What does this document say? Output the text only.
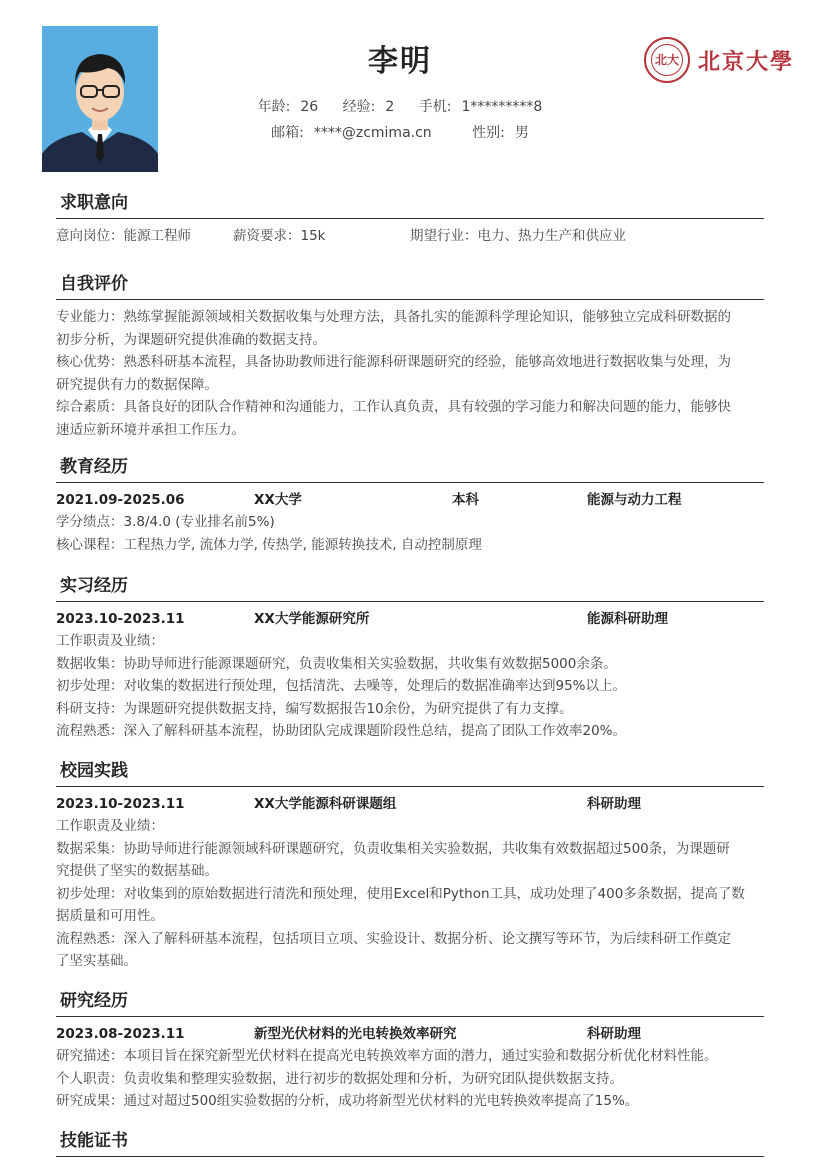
李明
年龄: 26 经验: 2 手机: 1*********8
邮箱: ****@zcmima.cn	性别: 男
北大 北京大學
求职意向
意向岗位：能源工程师	薪资要求：15k	期望行业：电力、热力生产和供应业
自我评价
专业能力：熟练掌握能源领域相关数据收集与处理方法，具备扎实的能源科学理论知识，能够独立完成科研数据的
初步分析，为课题研究提供准确的数据支持。
核心优势：熟悉科研基本流程，具备协助教师进行能源科研课题研究的经验，能够高效地进行数据收集与处理，为
研究提供有力的数据保障。
综合素质：具备良好的团队合作精神和沟通能力，工作认真负责，具有较强的学习能力和解决问题的能力，能够快
速适应新环境并承担工作压力。
教育经历
2021.09-2025.06	XX大学	本科	能源与动力工程
学分绩点：3.8/4.0 (专业排名前5%)
核心课程：工程热力学, 流体力学, 传热学, 能源转换技术, 自动控制原理
实习经历
2023.10-2023.11	XX大学能源研究所	能源科研助理
工作职责及业绩：
数据收集：协助导师进行能源课题研究，负责收集相关实验数据，共收集有效数据5000余条。
初步处理：对收集的数据进行预处理，包括清洗、去噪等，处理后的数据准确率达到95%以上。
科研支持：为课题研究提供数据支持，编写数据报告10余份，为研究提供了有力支撑。
流程熟悉：深入了解科研基本流程，协助团队完成课题阶段性总结，提高了团队工作效率20%。
校园实践
2023.10-2023.11	XX大学能源科研课题组	科研助理
工作职责及业绩：
数据采集：协助导师进行能源领域科研课题研究，负责收集相关实验数据，共收集有效数据超过500条，为课题研
究提供了坚实的数据基础。
初步处理：对收集到的原始数据进行清洗和预处理，使用Excel和Python工具，成功处理了400多条数据，提高了数
据质量和可用性。
流程熟悉：深入了解科研基本流程，包括项目立项、实验设计、数据分析、论文撰写等环节，为后续科研工作奠定
了坚实基础。
研究经历
2023.08-2023.11	新型光伏材料的光电转换效率研究	科研助理
研究描述：本项目旨在探究新型光伏材料在提高光电转换效率方面的潜力，通过实验和数据分析优化材料性能。
个人职责：负责收集和整理实验数据，进行初步的数据处理和分析，为研究团队提供数据支持。
研究成果：通过对超过500组实验数据的分析，成功将新型光伏材料的光电转换效率提高了15%。
技能证书
